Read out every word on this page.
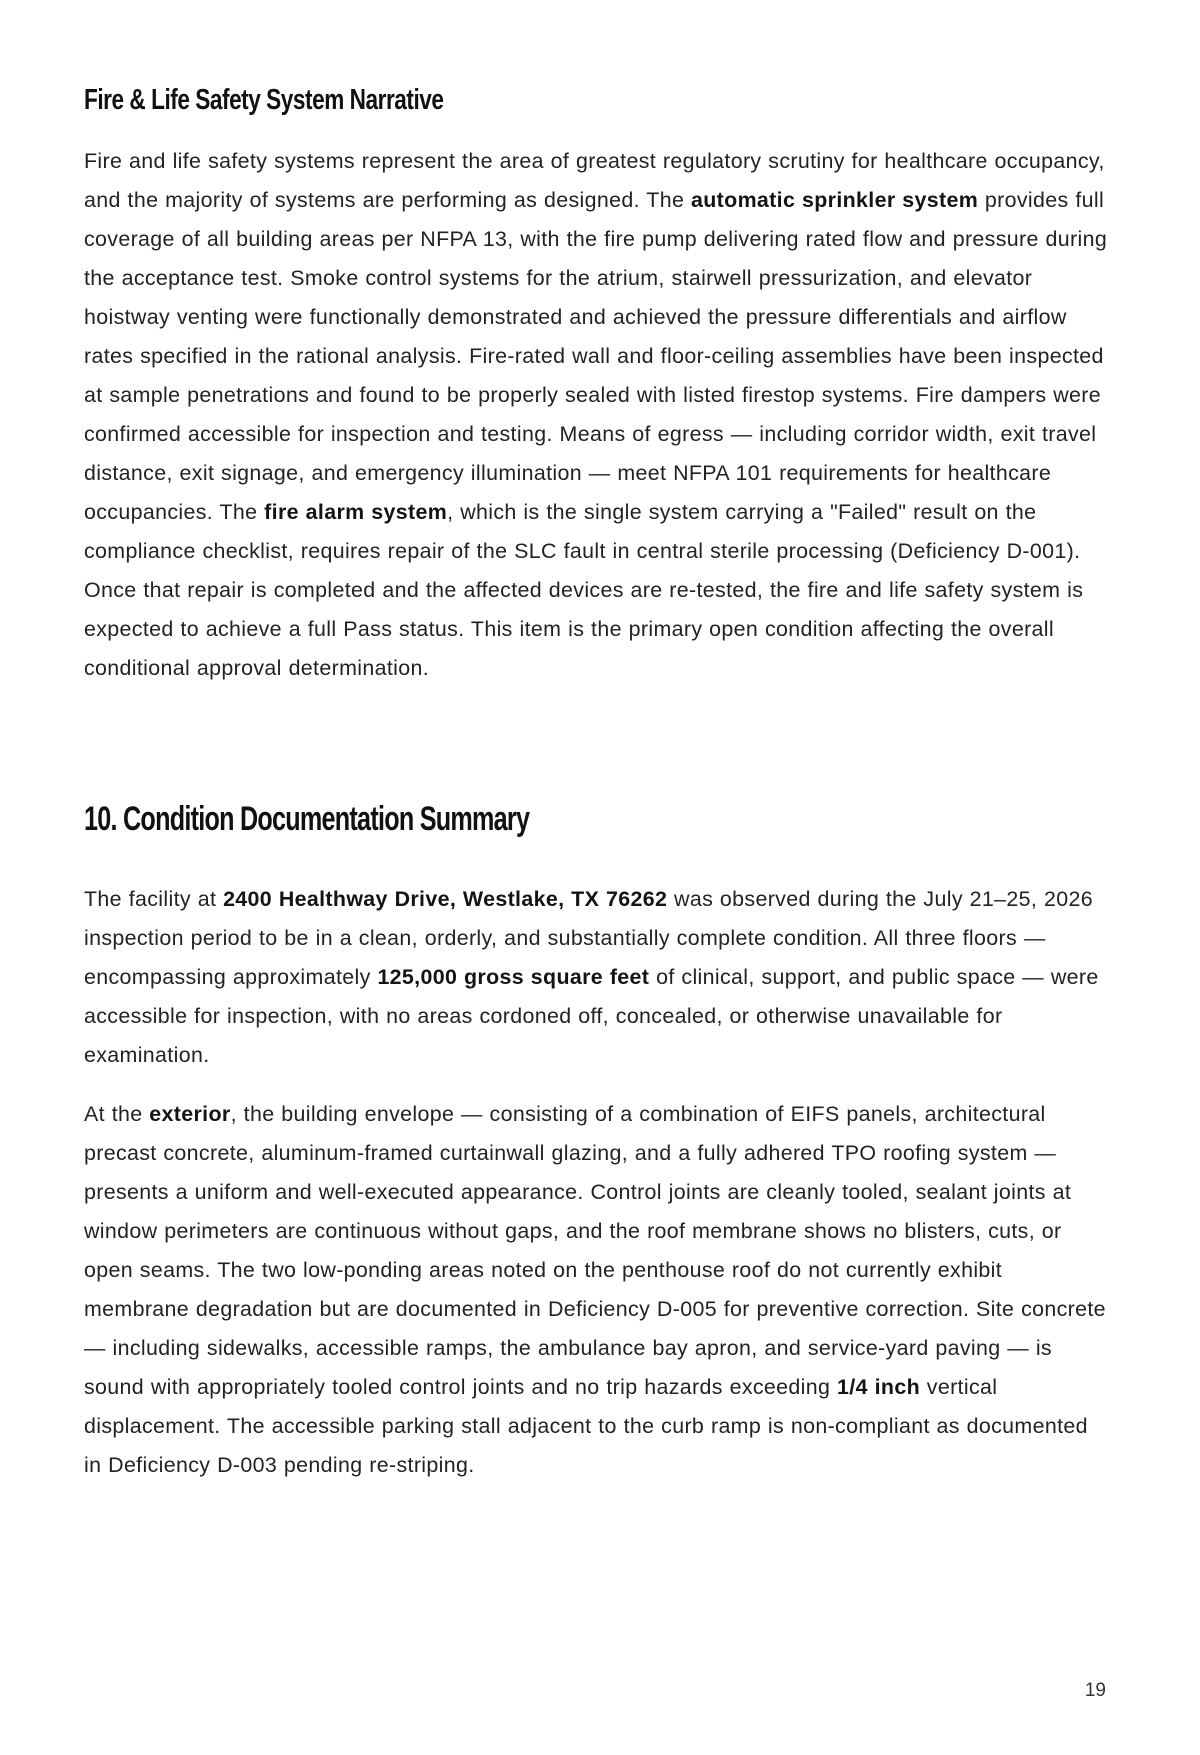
Fire & Life Safety System Narrative

Fire and life safety systems represent the area of greatest regulatory scrutiny for healthcare occupancy, and the majority of systems are performing as designed. The automatic sprinkler system provides full coverage of all building areas per NFPA 13, with the fire pump delivering rated flow and pressure during the acceptance test. Smoke control systems for the atrium, stairwell pressurization, and elevator hoistway venting were functionally demonstrated and achieved the pressure differentials and airflow rates specified in the rational analysis. Fire-rated wall and floor-ceiling assemblies have been inspected at sample penetrations and found to be properly sealed with listed firestop systems. Fire dampers were confirmed accessible for inspection and testing. Means of egress — including corridor width, exit travel distance, exit signage, and emergency illumination — meet NFPA 101 requirements for healthcare occupancies. The fire alarm system, which is the single system carrying a "Failed" result on the compliance checklist, requires repair of the SLC fault in central sterile processing (Deficiency D-001). Once that repair is completed and the affected devices are re-tested, the fire and life safety system is expected to achieve a full Pass status. This item is the primary open condition affecting the overall conditional approval determination.

10. Condition Documentation Summary

The facility at 2400 Healthway Drive, Westlake, TX 76262 was observed during the July 21–25, 2026 inspection period to be in a clean, orderly, and substantially complete condition. All three floors — encompassing approximately 125,000 gross square feet of clinical, support, and public space — were accessible for inspection, with no areas cordoned off, concealed, or otherwise unavailable for examination.

At the exterior, the building envelope — consisting of a combination of EIFS panels, architectural precast concrete, aluminum-framed curtainwall glazing, and a fully adhered TPO roofing system — presents a uniform and well-executed appearance. Control joints are cleanly tooled, sealant joints at window perimeters are continuous without gaps, and the roof membrane shows no blisters, cuts, or open seams. The two low-ponding areas noted on the penthouse roof do not currently exhibit membrane degradation but are documented in Deficiency D-005 for preventive correction. Site concrete — including sidewalks, accessible ramps, the ambulance bay apron, and service-yard paving — is sound with appropriately tooled control joints and no trip hazards exceeding 1/4 inch vertical displacement. The accessible parking stall adjacent to the curb ramp is non-compliant as documented in Deficiency D-003 pending re-striping.

19
